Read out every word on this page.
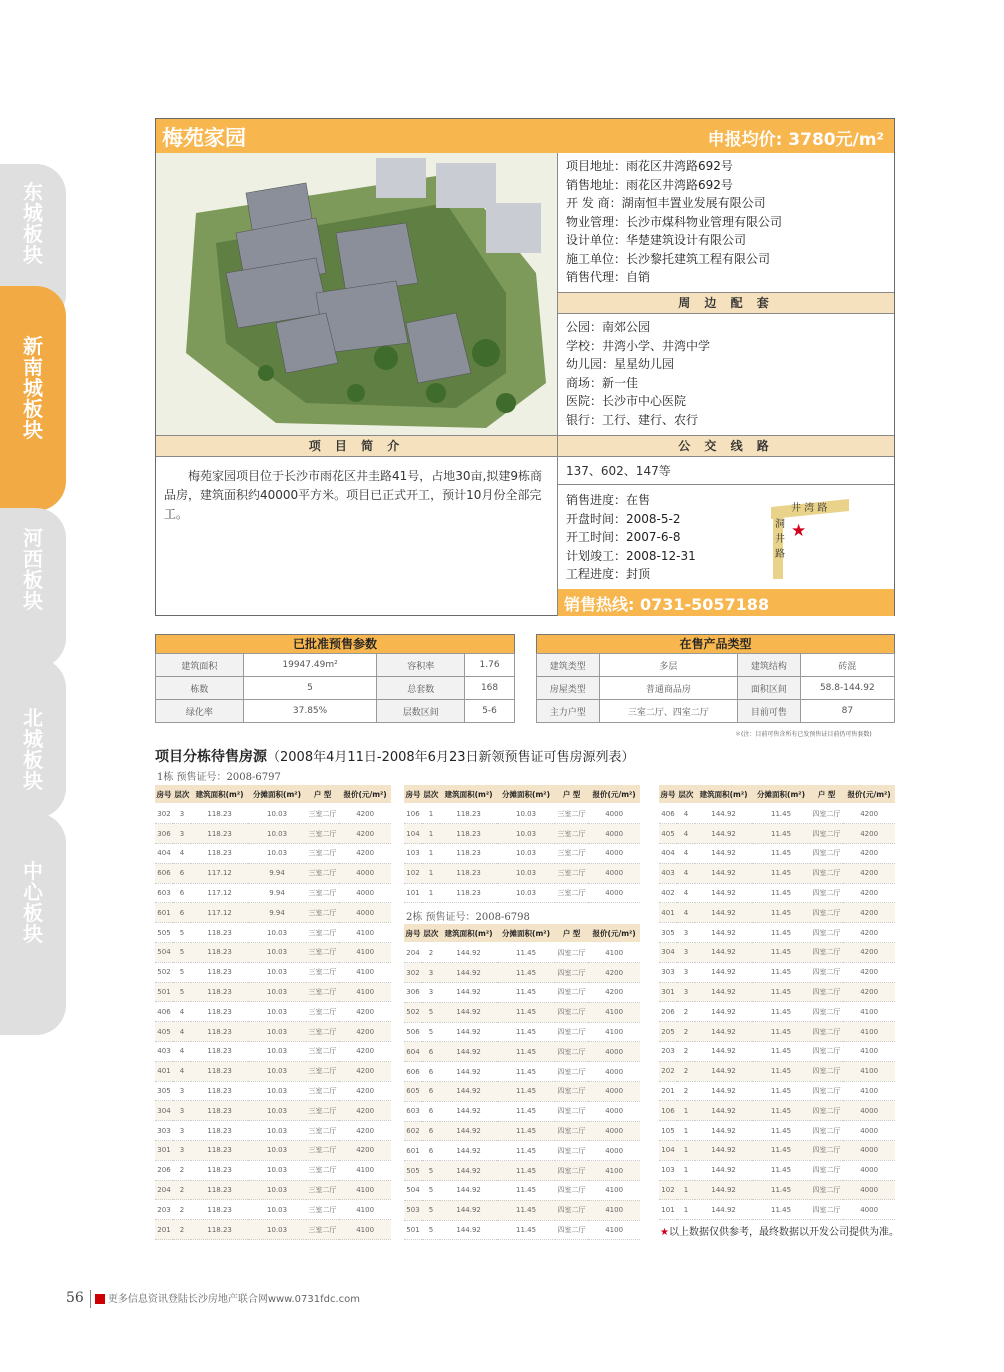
东城板块
新南城板块
河西板块
北城板块
中心板块
梅苑家园	申报均价: 3780元/m²
项目地址：雨花区井湾路692号
销售地址：雨花区井湾路692号
开 发 商：湖南恒丰置业发展有限公司
物业管理：长沙市煤科物业管理有限公司
设计单位：华楚建筑设计有限公司
施工单位：长沙黎托建筑工程有限公司
销售代理：自销
周 边 配 套
公园：南郊公园
学校：井湾小学、井湾中学
幼儿园：星星幼儿园
商场：新一佳
医院：长沙市中心医院
银行：工行、建行、农行
项 目 简 介	公 交 线 路
梅苑家园项目位于长沙市雨花区井圭路41号，占地30亩,拟建9栋商品房，建筑面积约40000平方米。项目已正式开工，预计10月份全部完工。
137、602、147等
销售进度：在售
开盘时间：2008-5-2
开工时间：2007-6-8
计划竣工：2008-12-31
工程进度：封顶
井 湾 路
洞 井 路
★
销售热线: 0731-5057188
已批准预售参数
建筑面积	19947.49m²	容积率	1.76
栋数	5	总套数	168
绿化率	37.85%	层数区间	5-6
在售产品类型
建筑类型	多层	建筑结构	砖混
房屋类型	普通商品房	面积区间	58.8-144.92
主力户型	三室二厅、四室二厅	目前可售	87
＊(注：目前可售含所有已发预售证目前仍可售套数)
项目分栋待售房源（2008年4月11日-2008年6月23日新领预售证可售房源列表）
1栋 预售证号：2008-6797
2栋 预售证号：2008-6798
房号	层次	建筑面积(m²)	分摊面积(m²)	户 型	报价(元/m²)
302	3	118.23	10.03	三室二厅	4200
306	3	118.23	10.03	三室二厅	4200
404	4	118.23	10.03	三室二厅	4200
606	6	117.12	9.94	三室二厅	4000
603	6	117.12	9.94	三室二厅	4000
601	6	117.12	9.94	三室二厅	4000
505	5	118.23	10.03	三室二厅	4100
504	5	118.23	10.03	三室二厅	4100
502	5	118.23	10.03	三室二厅	4100
501	5	118.23	10.03	三室二厅	4100
406	4	118.23	10.03	三室二厅	4200
405	4	118.23	10.03	三室二厅	4200
403	4	118.23	10.03	三室二厅	4200
401	4	118.23	10.03	三室二厅	4200
305	3	118.23	10.03	三室二厅	4200
304	3	118.23	10.03	三室二厅	4200
303	3	118.23	10.03	三室二厅	4200
301	3	118.23	10.03	三室二厅	4200
206	2	118.23	10.03	三室二厅	4100
204	2	118.23	10.03	三室二厅	4100
203	2	118.23	10.03	三室二厅	4100
201	2	118.23	10.03	三室二厅	4100
房号	层次	建筑面积(m²)	分摊面积(m²)	户 型	报价(元/m²)
106	1	118.23	10.03	三室二厅	4000
104	1	118.23	10.03	三室二厅	4000
103	1	118.23	10.03	三室二厅	4000
102	1	118.23	10.03	三室二厅	4000
101	1	118.23	10.03	三室二厅	4000
房号	层次	建筑面积(m²)	分摊面积(m²)	户 型	报价(元/m²)
204	2	144.92	11.45	四室二厅	4100
302	3	144.92	11.45	四室二厅	4200
306	3	144.92	11.45	四室二厅	4200
502	5	144.92	11.45	四室二厅	4100
506	5	144.92	11.45	四室二厅	4100
604	6	144.92	11.45	四室二厅	4000
606	6	144.92	11.45	四室二厅	4000
605	6	144.92	11.45	四室二厅	4000
603	6	144.92	11.45	四室二厅	4000
602	6	144.92	11.45	四室二厅	4000
601	6	144.92	11.45	四室二厅	4000
505	5	144.92	11.45	四室二厅	4100
504	5	144.92	11.45	四室二厅	4100
503	5	144.92	11.45	四室二厅	4100
501	5	144.92	11.45	四室二厅	4100
房号	层次	建筑面积(m²)	分摊面积(m²)	户 型	报价(元/m²)
406	4	144.92	11.45	四室二厅	4200
405	4	144.92	11.45	四室二厅	4200
404	4	144.92	11.45	四室二厅	4200
403	4	144.92	11.45	四室二厅	4200
402	4	144.92	11.45	四室二厅	4200
401	4	144.92	11.45	四室二厅	4200
305	3	144.92	11.45	四室二厅	4200
304	3	144.92	11.45	四室二厅	4200
303	3	144.92	11.45	四室二厅	4200
301	3	144.92	11.45	四室二厅	4200
206	2	144.92	11.45	四室二厅	4100
205	2	144.92	11.45	四室二厅	4100
203	2	144.92	11.45	四室二厅	4100
202	2	144.92	11.45	四室二厅	4100
201	2	144.92	11.45	四室二厅	4100
106	1	144.92	11.45	四室二厅	4000
105	1	144.92	11.45	四室二厅	4000
104	1	144.92	11.45	四室二厅	4000
103	1	144.92	11.45	四室二厅	4000
102	1	144.92	11.45	四室二厅	4000
101	1	144.92	11.45	四室二厅	4000
★以上数据仅供参考，最终数据以开发公司提供为准。
56 更多信息资讯登陆长沙房地产联合网www.0731fdc.com
